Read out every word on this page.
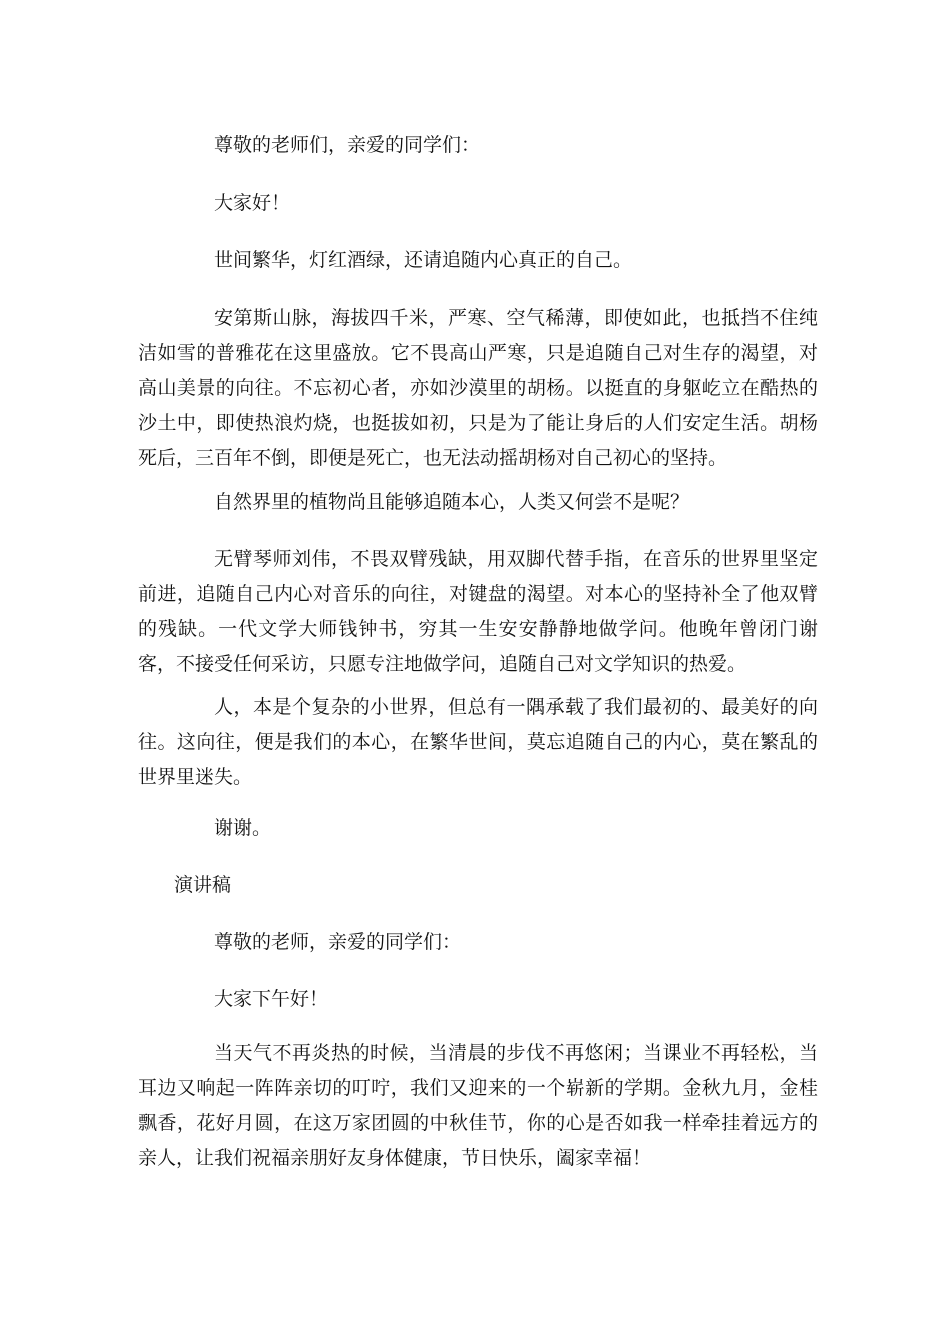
尊敬的老师们，亲爱的同学们：

大家好！

世间繁华，灯红酒绿，还请追随内心真正的自己。

安第斯山脉，海拔四千米，严寒、空气稀薄，即使如此，也抵挡不住纯洁如雪的普雅花在这里盛放。它不畏高山严寒，只是追随自己对生存的渴望，对高山美景的向往。不忘初心者，亦如沙漠里的胡杨。以挺直的身躯屹立在酷热的沙土中，即使热浪灼烧，也挺拔如初，只是为了能让身后的人们安定生活。胡杨死后，三百年不倒，即便是死亡，也无法动摇胡杨对自己初心的坚持。

自然界里的植物尚且能够追随本心，人类又何尝不是呢？

无臂琴师刘伟，不畏双臂残缺，用双脚代替手指，在音乐的世界里坚定前进，追随自己内心对音乐的向往，对键盘的渴望。对本心的坚持补全了他双臂的残缺。一代文学大师钱钟书，穷其一生安安静静地做学问。他晚年曾闭门谢客，不接受任何采访，只愿专注地做学问，追随自己对文学知识的热爱。

人，本是个复杂的小世界，但总有一隅承载了我们最初的、最美好的向往。这向往，便是我们的本心，在繁华世间，莫忘追随自己的内心，莫在繁乱的世界里迷失。

谢谢。

演讲稿

尊敬的老师，亲爱的同学们：

大家下午好！

当天气不再炎热的时候，当清晨的步伐不再悠闲；当课业不再轻松，当耳边又响起一阵阵亲切的叮咛，我们又迎来的一个崭新的学期。金秋九月，金桂飘香，花好月圆，在这万家团圆的中秋佳节，你的心是否如我一样牵挂着远方的亲人，让我们祝福亲朋好友身体健康，节日快乐，阖家幸福！
